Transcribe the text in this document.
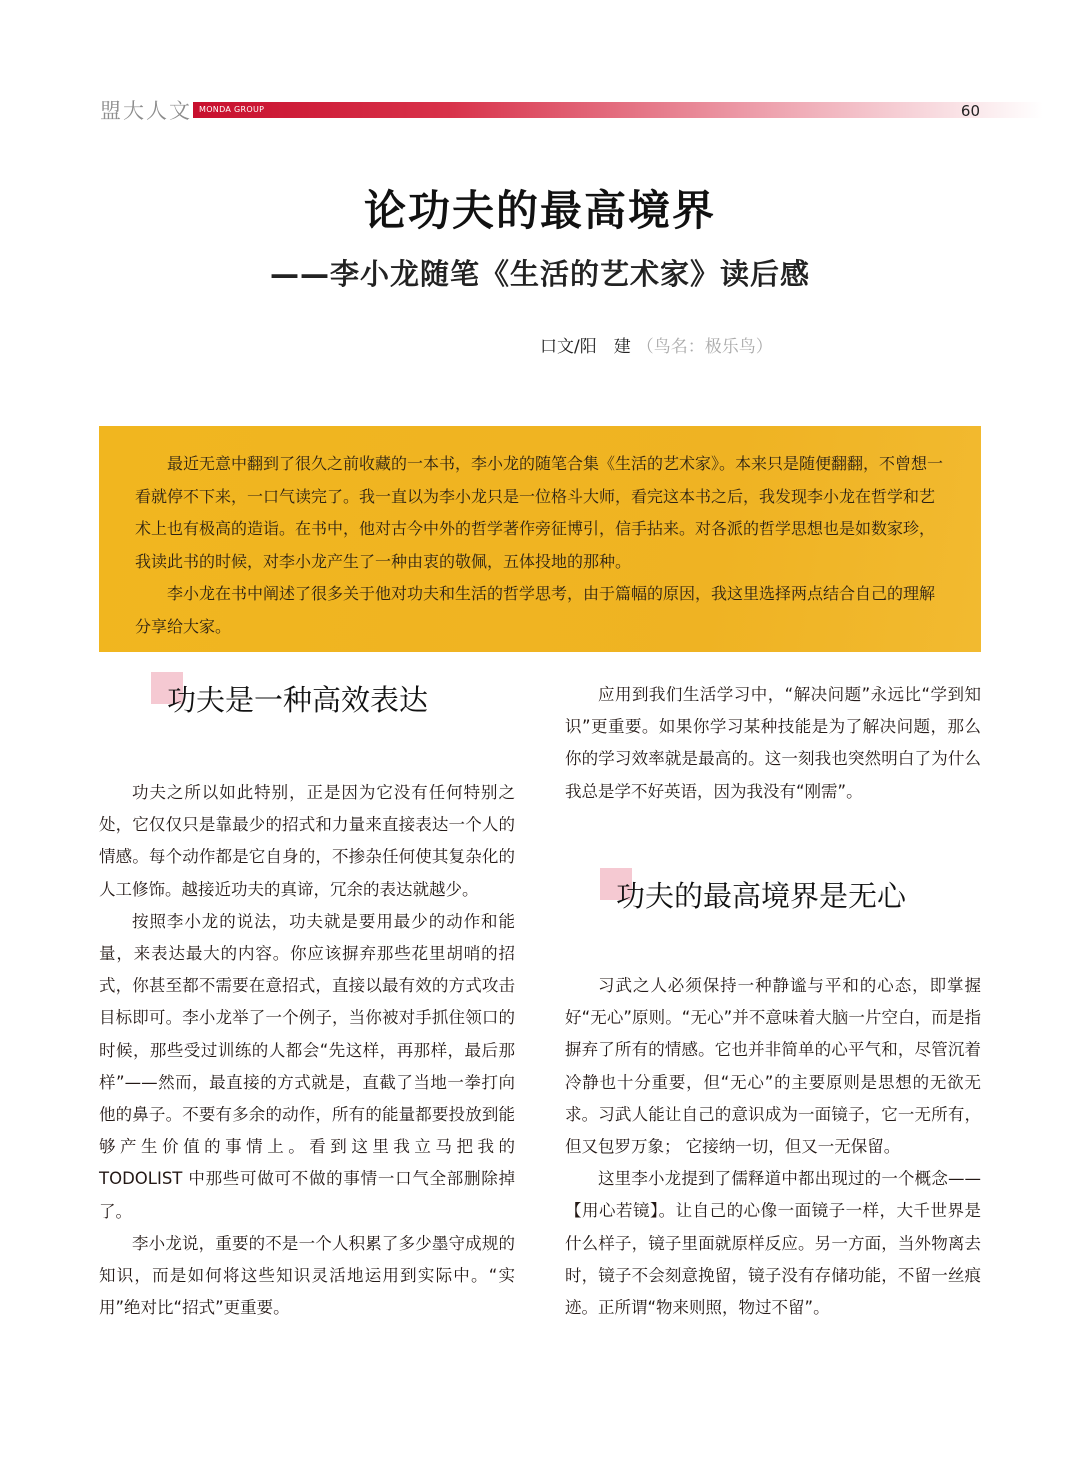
盟大人文 MONDA GROUP	60
论功夫的最高境界
——李小龙随笔《生活的艺术家》读后感
口文/阳　建 （鸟名：极乐鸟）

最近无意中翻到了很久之前收藏的一本书，李小龙的随笔合集《生活的艺术家》。本来只是随便翻翻，不曾想一看就停不下来，一口气读完了。我一直以为李小龙只是一位格斗大师，看完这本书之后，我发现李小龙在哲学和艺术上也有极高的造诣。在书中，他对古今中外的哲学著作旁征博引，信手拈来。对各派的哲学思想也是如数家珍，我读此书的时候，对李小龙产生了一种由衷的敬佩，五体投地的那种。

李小龙在书中阐述了很多关于他对功夫和生活的哲学思考，由于篇幅的原因，我这里选择两点结合自己的理解分享给大家。

功夫是一种高效表达

功夫之所以如此特别，正是因为它没有任何特别之处，它仅仅只是靠最少的招式和力量来直接表达一个人的情感。每个动作都是它自身的，不掺杂任何使其复杂化的人工修饰。越接近功夫的真谛，冗余的表达就越少。

按照李小龙的说法，功夫就是要用最少的动作和能量，来表达最大的内容。你应该摒弃那些花里胡哨的招式，你甚至都不需要在意招式，直接以最有效的方式攻击目标即可。李小龙举了一个例子，当你被对手抓住领口的时候，那些受过训练的人都会“先这样，再那样，最后那样”——然而，最直接的方式就是，直截了当地一拳打向他的鼻子。不要有多余的动作，所有的能量都要投放到能够产生价值的事情上。看到这里我立马把我的 TODOLIST 中那些可做可不做的事情一口气全部删除掉了。

李小龙说，重要的不是一个人积累了多少墨守成规的知识，而是如何将这些知识灵活地运用到实际中。“实用”绝对比“招式”更重要。

应用到我们生活学习中，“解决问题”永远比“学到知识”更重要。如果你学习某种技能是为了解决问题，那么你的学习效率就是最高的。这一刻我也突然明白了为什么我总是学不好英语，因为我没有“刚需”。

功夫的最高境界是无心

习武之人必须保持一种静谧与平和的心态，即掌握好“无心”原则。“无心”并不意味着大脑一片空白，而是指摒弃了所有的情感。它也并非简单的心平气和，尽管沉着冷静也十分重要，但“无心”的主要原则是思想的无欲无求。习武人能让自己的意识成为一面镜子，它一无所有，但又包罗万象； 它接纳一切，但又一无保留。

这里李小龙提到了儒释道中都出现过的一个概念——【用心若镜】。让自己的心像一面镜子一样，大千世界是什么样子，镜子里面就原样反应。另一方面，当外物离去时，镜子不会刻意挽留，镜子没有存储功能，不留一丝痕迹。正所谓“物来则照，物过不留”。
